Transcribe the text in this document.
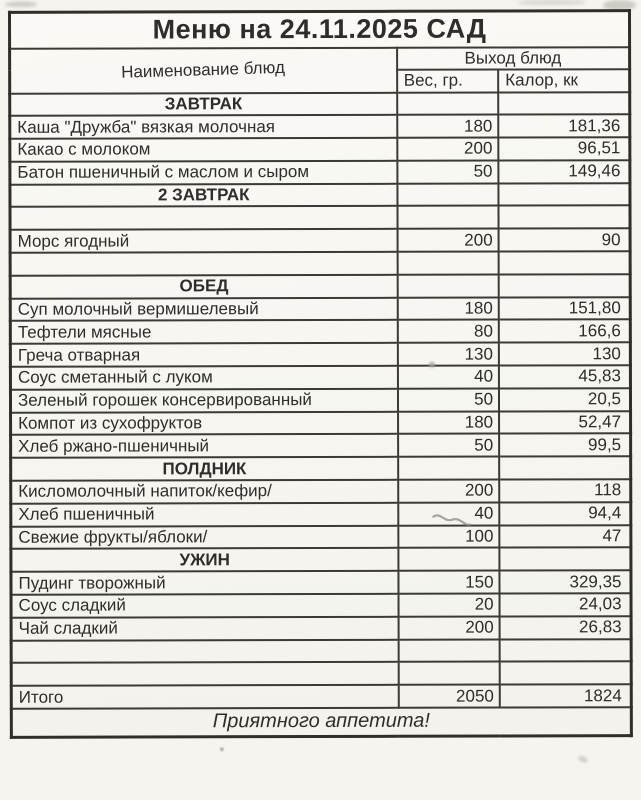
Меню на 24.11.2025 САД		
Наименование блюд	Выход блюд	
	Вес, гр.	Калор, кк
ЗАВТРАК		
Каша "Дружба" вязкая молочная	180	181,36
Какао с молоком	200	96,51
Батон пшеничный с маслом и сыром	50	149,46
2 ЗАВТРАК		

Морс ягодный	200	90

ОБЕД		
Суп молочный вермишелевый	180	151,80
Тефтели мясные	80	166,6
Греча отварная	130	130
Соус сметанный с луком	40	45,83
Зеленый горошек консервированный	50	20,5
Компот из сухофруктов	180	52,47
Хлеб ржано-пшеничный	50	99,5
ПОЛДНИК		
Кисломолочный напиток/кефир/	200	118
Хлеб пшеничный	40	94,4
Свежие фрукты/яблоки/	100	47
УЖИН		
Пудинг творожный	150	329,35
Соус сладкий	20	24,03
Чай сладкий	200	26,83

Итого	2050	1824
Приятного аппетита!		
